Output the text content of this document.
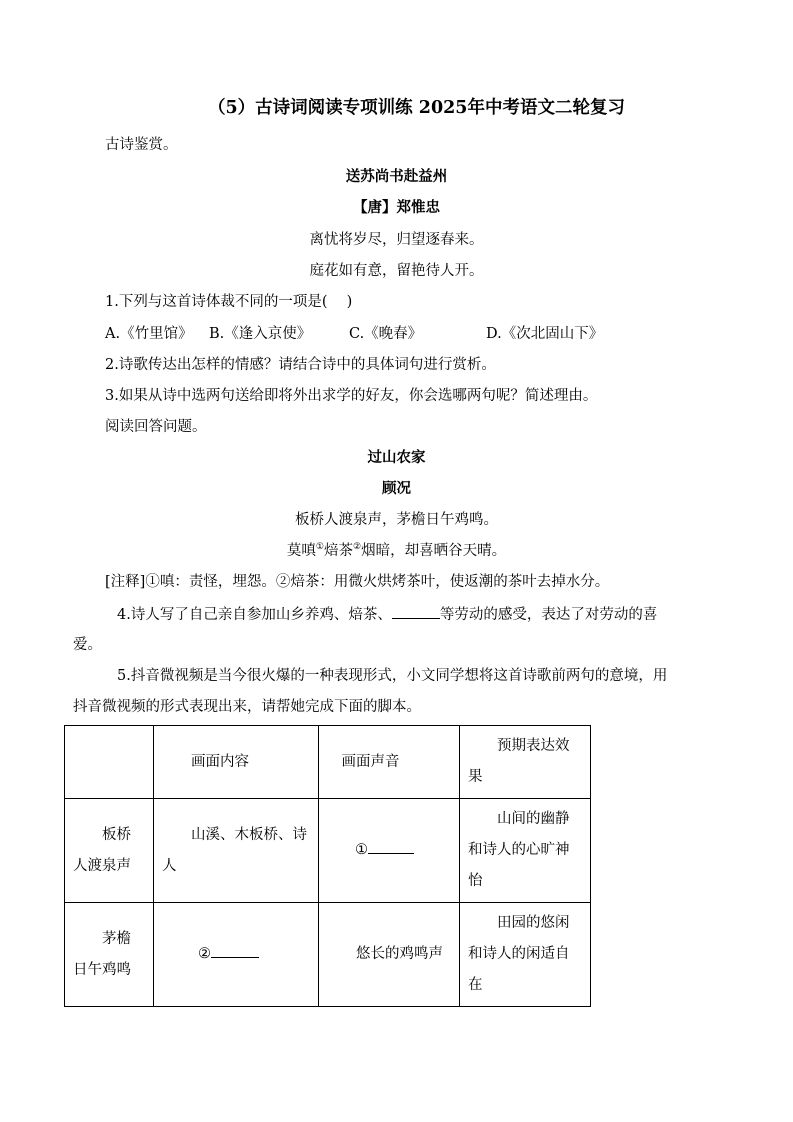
（5）古诗词阅读专项训练 2025年中考语文二轮复习
古诗鉴赏。
送苏尚书赴益州
【唐】郑惟忠
离忧将岁尽，归望逐春来。
庭花如有意，留艳待人开。
1.下列与这首诗体裁不同的一项是(　 )
A.《竹里馆》 B.《逢入京使》	C.《晚春》	D.《次北固山下》
2.诗歌传达出怎样的情感？请结合诗中的具体词句进行赏析。
3.如果从诗中选两句送给即将外出求学的好友，你会选哪两句呢？简述理由。
阅读回答问题。
过山农家
顾况
板桥人渡泉声，茅檐日午鸡鸣。
莫嗔①焙茶②烟暗，却喜晒谷天晴。
[注释]①嗔：责怪，埋怨。②焙茶：用微火烘烤茶叶，使返潮的茶叶去掉水分。
4.诗人写了自己亲自参加山乡养鸡、焙茶、	等劳动的感受，表达了对劳动的喜
爱。
5.抖音微视频是当今很火爆的一种表现形式，小文同学想将这首诗歌前两句的意境，用
抖音微视频的形式表现出来，请帮她完成下面的脚本。
	画面内容	画面声音	预期表达效果
板桥人渡泉声	山溪、木板桥、诗人	①	山间的幽静和诗人的心旷神怡
茅檐日午鸡鸣	②	悠长的鸡鸣声	田园的悠闲和诗人的闲适自在
